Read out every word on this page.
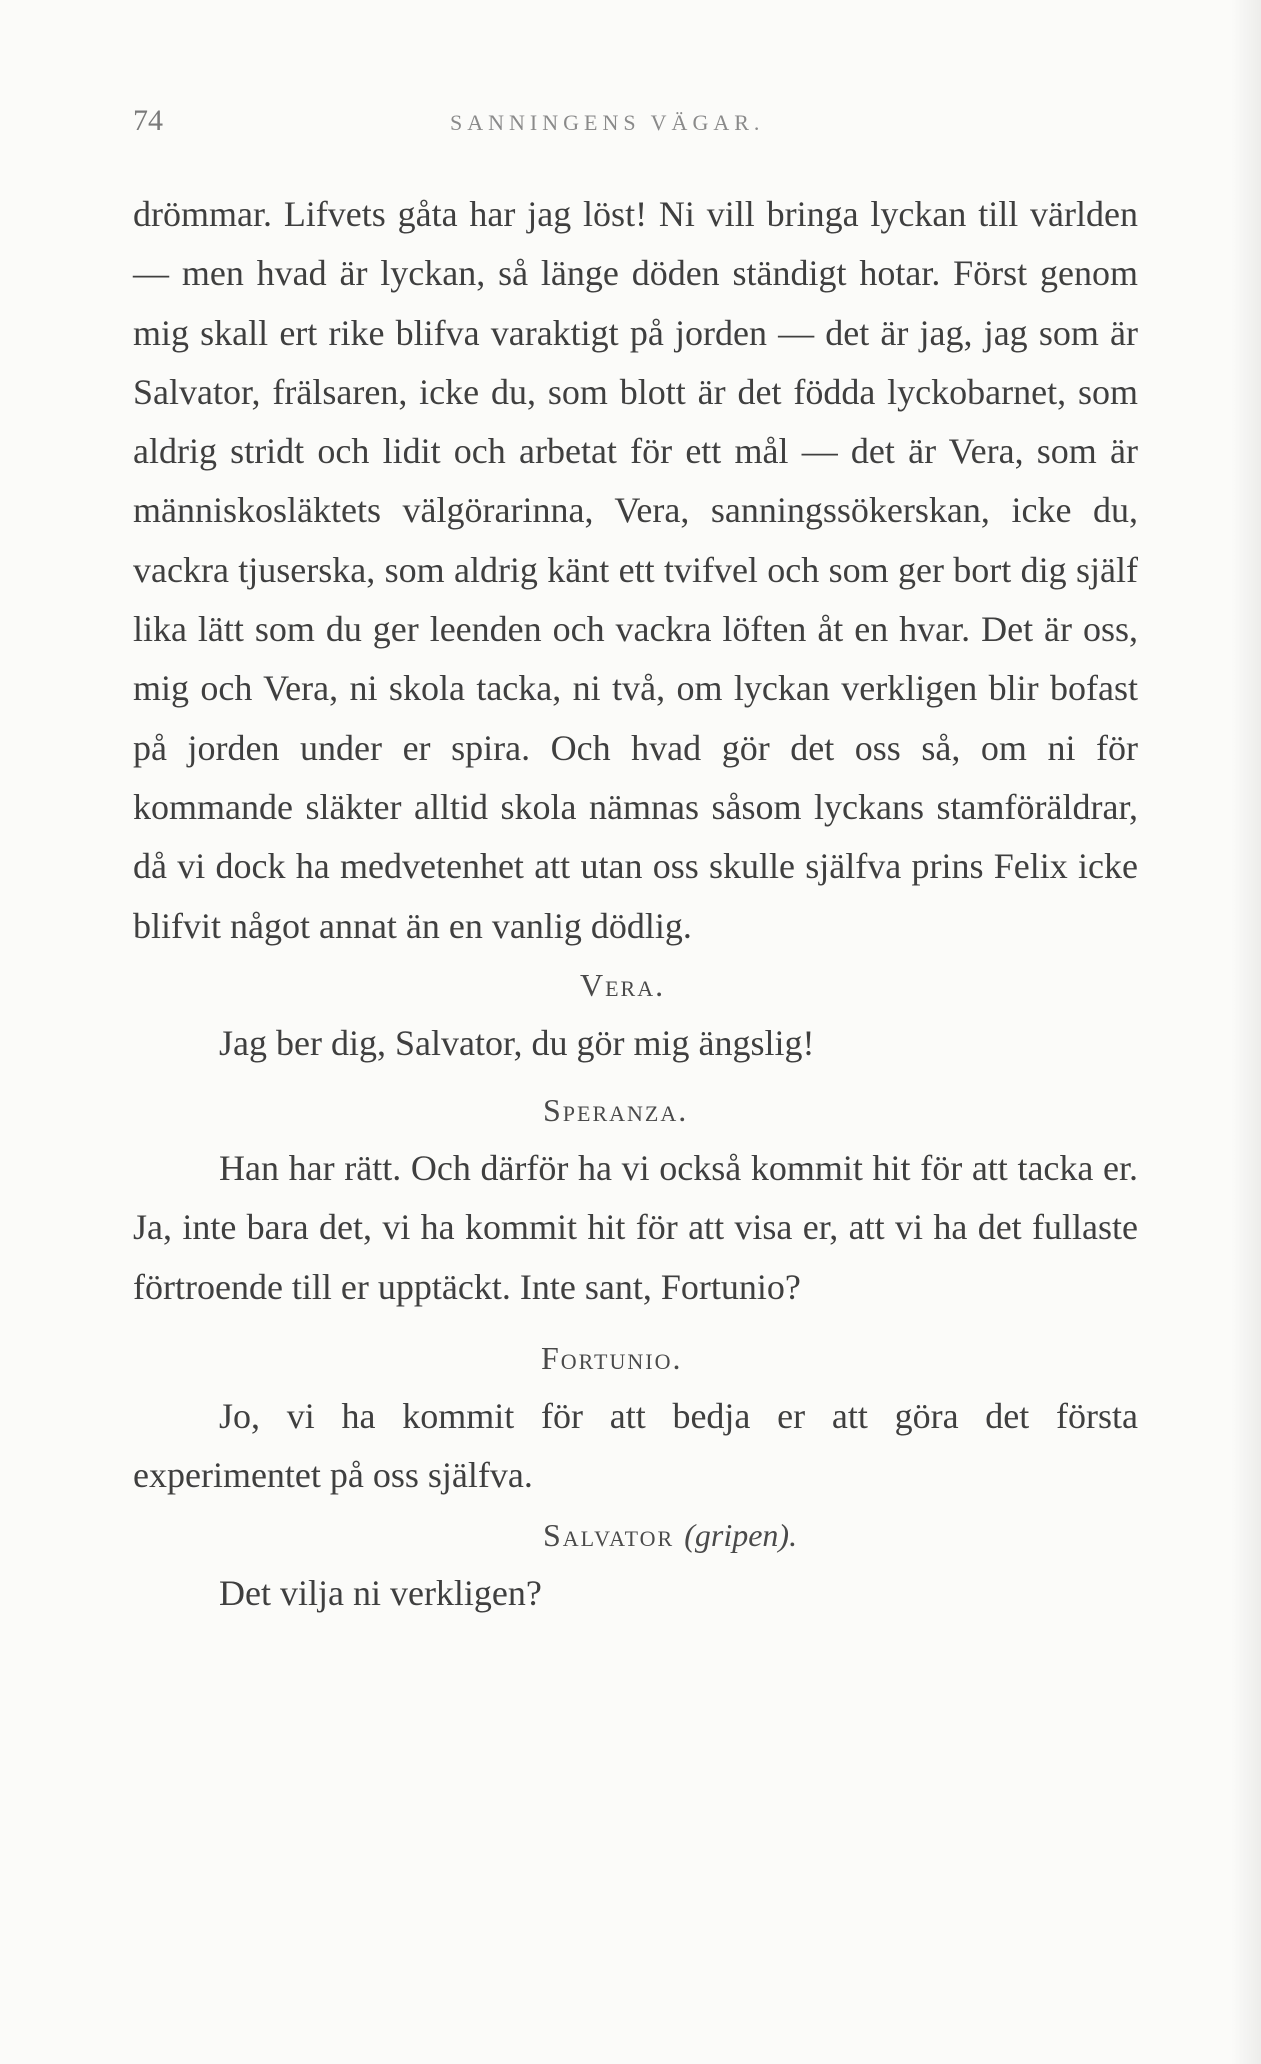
74	SANNINGENS VÄGAR.

drömmar. Lifvets gåta har jag löst! Ni vill bringa lyckan till världen — men hvad är lyckan, så länge döden ständigt hotar. Först genom mig skall ert rike blifva varaktigt på jorden — det är jag, jag som är Salvator, frälsaren, icke du, som blott är det födda lyckobarnet, som aldrig stridt och lidit och arbetat för ett mål — det är Vera, som är människosläktets välgörarinna, Vera, sanningssökerskan, icke du, vackra tjuserska, som aldrig känt ett tvifvel och som ger bort dig själf lika lätt som du ger leenden och vackra löften åt en hvar. Det är oss, mig och Vera, ni skola tacka, ni två, om lyckan verkligen blir bofast på jorden under er spira. Och hvad gör det oss så, om ni för kommande släkter alltid skola nämnas såsom lyckans stamföräldrar, då vi dock ha medvetenhet att utan oss skulle själfva prins Felix icke blifvit något annat än en vanlig dödlig.

Vera.

Jag ber dig, Salvator, du gör mig ängslig!

Speranza.

Han har rätt. Och därför ha vi också kommit hit för att tacka er. Ja, inte bara det, vi ha kommit hit för att visa er, att vi ha det fullaste förtroende till er upptäckt. Inte sant, Fortunio?

Fortunio.

Jo, vi ha kommit för att bedja er att göra det första experimentet på oss själfva.

Salvator (gripen).

Det vilja ni verkligen?
